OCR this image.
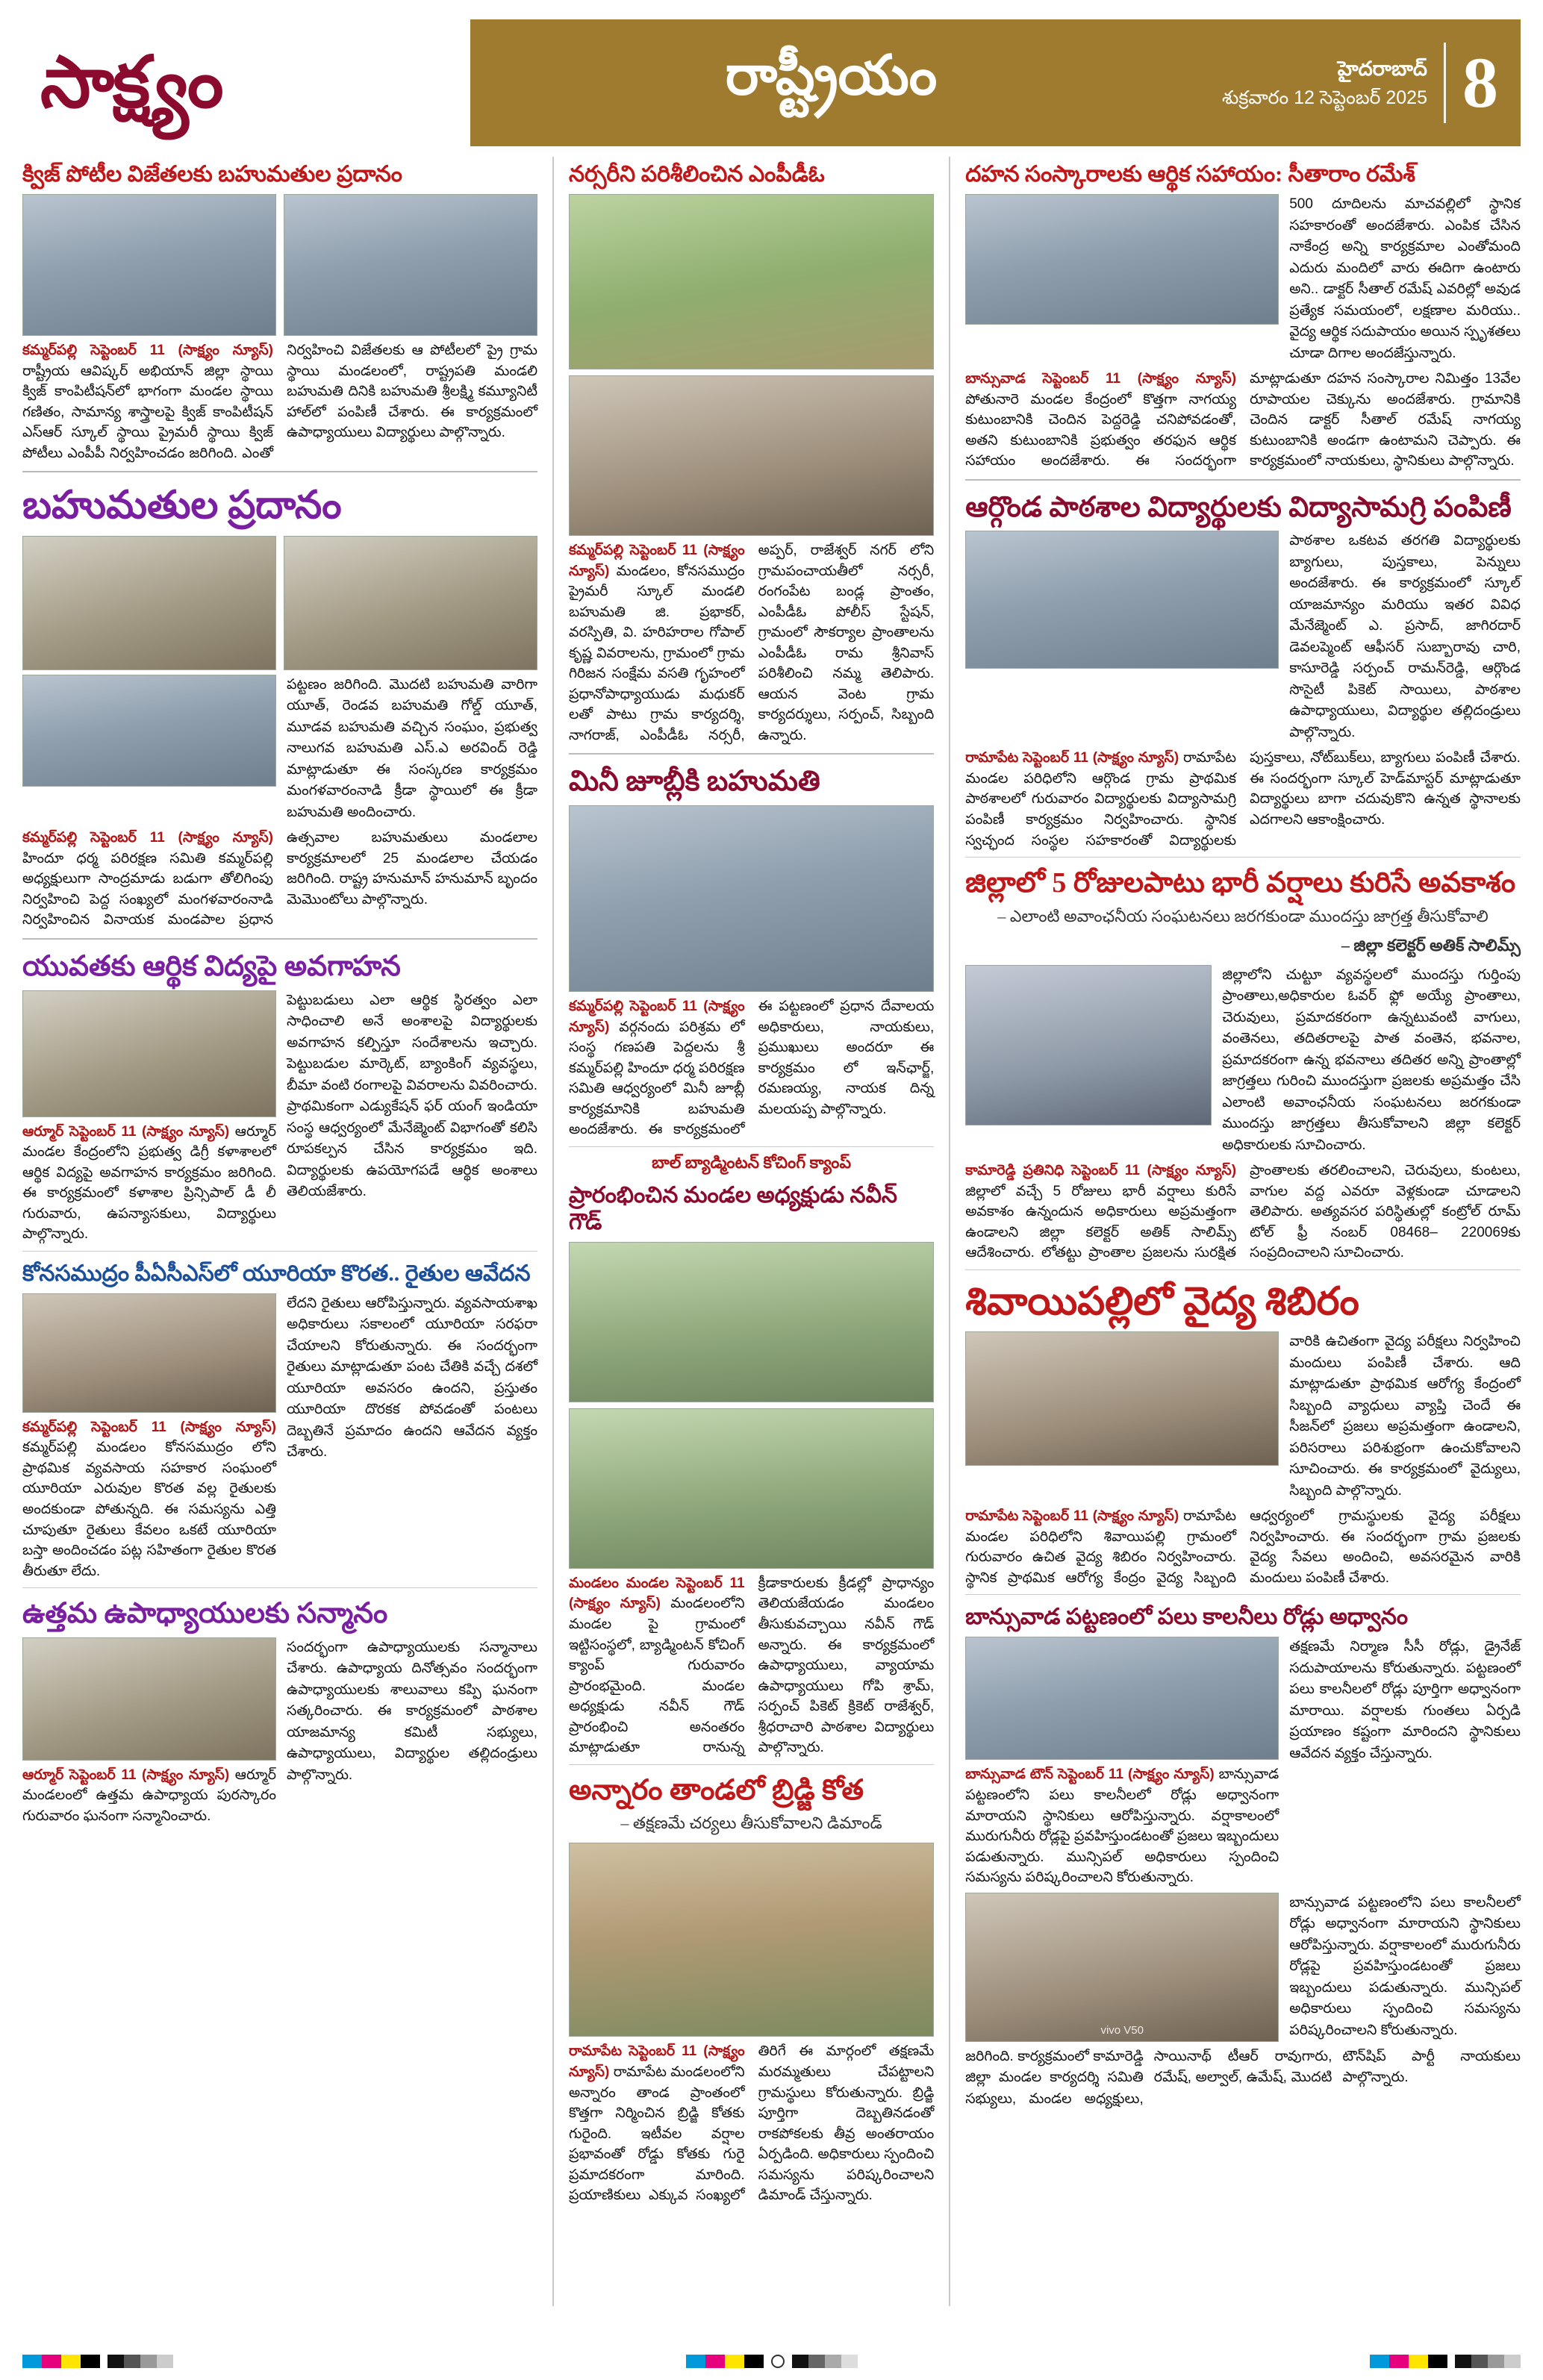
సాక్ష్యం	రాష్ట్రీయం	హైదరాబాద్
శుక్రవారం 12 సెప్టెంబర్ 2025 8
క్విజ్ పోటీల విజేతలకు బహుమతుల ప్రదానం
కమ్మర్‌పల్లి సెప్టెంబర్ 11 (సాక్ష్యం న్యూస్) రాష్ట్రీయ ఆవిష్కర్ అభియాన్ జిల్లా స్థాయి క్విజ్ కాంపిటీషన్‌లో భాగంగా మండల స్థాయి గణితం, సామాన్య శాస్త్రాలపై క్విజ్ కాంపిటీషన్ ఎస్ఆర్ స్కూల్ స్థాయి ప్రైమరీ స్థాయి క్విజ్ పోటీలు ఎంపీపీ నిర్వహించడం జరిగింది. ఎంతో నిర్వహించి విజేతలకు ఆ పోటీలలో ప్రై గ్రామ స్థాయి మండలంలో, రాష్ట్రపతి మండలి బహుమతి దినికి బహుమతి శ్రీలక్ష్మి కమ్యూనిటీ హాల్‌లో పంపిణీ చేశారు. ఈ కార్యక్రమంలో ఉపాధ్యాయులు విద్యార్థులు పాల్గొన్నారు.
బహుమతుల ప్రదానం
పట్టణం జరిగింది. మెుదటి బహుమతి వారిగా యూత్, రెండవ బహుమతి గోల్డ్ యూత్, మూడవ బహుమతి వచ్చిన సంఘం, ప్రభుత్వ నాలుగవ బహుమతి ఎస్.ఎ అరవింద్ రెడ్డి మాట్లాడుతూ ఈ సంస్కరణ కార్యక్రమం మంగళవారంనాడి క్రీడా స్థాయిలో ఈ క్రీడా బహుమతి అందించారు.
కమ్మర్‌పల్లి సెప్టెంబర్ 11 (సాక్ష్యం న్యూస్) హిందూ ధర్మ పరిరక్షణ సమితి కమ్మర్‌పల్లి అధ్యక్షులుగా సాంద్రమాడు బడుగా తోలిగింపు నిర్వహించి పెద్ద సంఖ్యలో మంగళవారంనాడి నిర్వహించిన వినాయక మండపాల ప్రధాన ఉత్సవాల బహుమతులు మండలాల కార్యక్రమాలలో 25 మండలాల చేయడం జరిగింది. రాష్ట్ర హనుమాన్ హనుమాన్ బృందం మెమొంటోలు పాల్గొన్నారు.
యువతకు ఆర్థిక విద్యపై అవగాహన
ఆర్మూర్ సెప్టెంబర్ 11 (సాక్ష్యం న్యూస్) ఆర్మూర్ మండల కేంద్రంలోని ప్రభుత్వ డిగ్రీ కళాశాలలో ఆర్థిక విద్యపై అవగాహన కార్యక్రమం జరిగింది. ఈ కార్యక్రమంలో కళాశాల ప్రిన్సిపాల్ డీ లీ గురువారు, ఉపన్యాసకులు, విద్యార్థులు పాల్గొన్నారు.
పెట్టుబడులు ఎలా ఆర్థిక స్థిరత్వం ఎలా సాధించాలి అనే అంశాలపై విద్యార్థులకు అవగాహన కల్పిస్తూ సందేశాలను ఇచ్చారు. పెట్టుబడుల మార్కెట్, బ్యాంకింగ్ వ్యవస్థలు, బీమా వంటి రంగాలపై వివరాలను వివరించారు. ప్రాథమికంగా ఎడ్యుకేషన్ ఫర్ యంగ్ ఇండియా సంస్థ ఆధ్వర్యంలో మేనేజ్మెంట్ విభాగంతో కలిసి రూపకల్పన చేసిన కార్యక్రమం ఇది. విద్యార్థులకు ఉపయోగపడే ఆర్థిక అంశాలు తెలియజేశారు.
కోనసముద్రం పీఏసీఎస్‌లో యూరియా కొరత.. రైతుల ఆవేదన
కమ్మర్‌పల్లి సెప్టెంబర్ 11 (సాక్ష్యం న్యూస్) కమ్మర్‌పల్లి మండలం కోనసముద్రం లోని ప్రాథమిక వ్యవసాయ సహకార సంఘంలో యూరియా ఎరువుల కొరత వల్ల రైతులకు అందకుండా పోతున్నది. ఈ సమస్యను ఎత్తి చూపుతూ రైతులు కేవలం ఒకటే యూరియా బస్తా అందించడం పట్ల సహితంగా రైతుల కొరత తీరుతూ లేదు.
లేదని రైతులు ఆరోపిస్తున్నారు. వ్యవసాయశాఖ అధికారులు సకాలంలో యూరియా సరఫరా చేయాలని కోరుతున్నారు. ఈ సందర్భంగా రైతులు మాట్లాడుతూ పంట చేతికి వచ్చే దశలో యూరియా అవసరం ఉందని, ప్రస్తుతం యూరియా దొరకక పోవడంతో పంటలు దెబ్బతినే ప్రమాదం ఉందని ఆవేదన వ్యక్తం చేశారు.
ఉత్తమ ఉపాధ్యాయులకు సన్మానం
ఆర్మూర్ సెప్టెంబర్ 11 (సాక్ష్యం న్యూస్) ఆర్మూర్ మండలంలో ఉత్తమ ఉపాధ్యాయ పురస్కారం గురువారం ఘనంగా సన్మానించారు.
సందర్భంగా ఉపాధ్యాయులకు సన్మానాలు చేశారు. ఉపాధ్యాయ దినోత్సవం సందర్భంగా ఉపాధ్యాయులకు శాలువాలు కప్పి ఘనంగా సత్కరించారు. ఈ కార్యక్రమంలో పాఠశాల యాజమాన్య కమిటీ సభ్యులు, ఉపాధ్యాయులు, విద్యార్థుల తల్లిదండ్రులు పాల్గొన్నారు.
నర్సరీని పరిశీలించిన ఎంపీడీఓ
కమ్మర్‌పల్లి సెప్టెంబర్ 11 (సాక్ష్యం న్యూస్) మండలం, కోనసముద్రం ప్రైమరీ స్కూల్ మండలి బహుమతి జి. ప్రభాకర్, వరస్పితి, వి. హరిహరాల గోపాల్ కృష్ణ వివరాలను, గ్రామంలో గ్రామ గిరిజన సంక్షేమ వసతి గృహంలో ప్రధానోపాధ్యాయుడు మధుకర్ లతో పాటు గ్రామ కార్యదర్శి, నాగరాజ్, ఎంపీడీఓ నర్సరీ, అప్పర్, రాజేశ్వర్ నగర్ లోని గ్రామపంచాయతీలో నర్సరీ, రంగంపేట బండ్ల ప్రాంతం, ఎంపీడీఓ పోలీస్ స్టేషన్, గ్రామంలో సౌకర్యాల ప్రాంతాలను ఎంపీడీఓ రామ శ్రీనివాస్ పరిశీలించి నమ్మ తెలిపారు. ఆయన వెంట గ్రామ కార్యదర్శులు, సర్పంచ్, సిబ్బంది ఉన్నారు.
మినీ జూబ్లీకి బహుమతి
కమ్మర్‌పల్లి సెప్టెంబర్ 11 (సాక్ష్యం న్యూస్) వర్గనందు పరిశ్రమ లో సంస్థ గణపతి పెద్దలను శ్రీ కమ్మర్‌పల్లి హిందూ ధర్మ పరిరక్షణ సమితి ఆధ్వర్యంలో మినీ జూబ్లీ కార్యక్రమానికి బహుమతి అందజేశారు. ఈ కార్యక్రమంలో ఈ పట్టణంలో ప్రధాన దేవాలయ అధికారులు, నాయకులు, ప్రముఖులు అందరూ ఈ కార్యక్రమం లో ఇన్‌ఛార్జ్, రమణయ్య, నాయక దిన్న మలయప్ప పాల్గొన్నారు.
బాల్ బ్యాడ్మింటన్ కోచింగ్ క్యాంప్
ప్రారంభించిన మండల అధ్యక్షుడు నవీన్ గౌడ్
మండలం మండల సెప్టెంబర్ 11 (సాక్ష్యం న్యూస్) మండలంలోని మండల పై గ్రామంలో ఇట్టిసంస్థలో, బ్యాడ్మింటన్ కోచింగ్ క్యాంప్ గురువారం ప్రారంభమైంది. మండల అధ్యక్షుడు నవీన్ గౌడ్ ప్రారంభించి అనంతరం మాట్లాడుతూ రానున్న క్రీడాకారులకు క్రీడల్లో ప్రాధాన్యం తెలియజేయడం మండలం తీసుకువచ్చాయి నవీన్ గౌడ్ అన్నారు. ఈ కార్యక్రమంలో ఉపాధ్యాయులు, వ్యాయామ ఉపాధ్యాయులు గోపి శ్రామ్, సర్పంచ్ పికెట్ క్రికెట్ రాజేశ్వర్, శ్రీధరాచారి పాఠశాల విద్యార్థులు పాల్గొన్నారు.
అన్నారం తాండలో బ్రిడ్జి కోత
– తక్షణమే చర్యలు తీసుకోవాలని డిమాండ్
రామాపేట సెప్టెంబర్ 11 (సాక్ష్యం న్యూస్) రామాపేట మండలంలోని అన్నారం తాండ ప్రాంతంలో కొత్తగా నిర్మించిన బ్రిడ్జి కోతకు గురైంది. ఇటీవల వర్షాల ప్రభావంతో రోడ్డు కోతకు గురై ప్రమాదకరంగా మారింది. ప్రయాణికులు ఎక్కువ సంఖ్యలో తిరిగే ఈ మార్గంలో తక్షణమే మరమ్మతులు చేపట్టాలని గ్రామస్థులు కోరుతున్నారు. బ్రిడ్జి పూర్తిగా దెబ్బతినడంతో రాకపోకలకు తీవ్ర అంతరాయం ఏర్పడింది. అధికారులు స్పందించి సమస్యను పరిష్కరించాలని డిమాండ్ చేస్తున్నారు.
దహన సంస్కారాలకు ఆర్థిక సహాయం: సీతారాం రమేశ్
500 దూదిలను మాచవల్లిలో స్థానిక సహకారంతో అందజేశారు. ఎంపిక చేసిన నాకేంద్ర అన్ని కార్యక్రమాల ఎంతోమంది ఎదురు మందిలో వారు ఈదిగా ఉంటారు అని.. డాక్టర్ సీతాల్ రమేష్ ఎవరిల్లో అవుడ ప్రత్యేక సమయంలో, లక్షణాల మరియు.. వైద్య ఆర్థిక సదుపాయం అయిన స్పృశతలు చూడా దిగాల అందజేస్తున్నారు.
బాన్సువాడ సెప్టెంబర్ 11 (సాక్ష్యం న్యూస్) పోతునారె మండల కేంద్రంలో కొత్తగా నాగయ్య కుటుంబానికి చెందిన పెద్దరెడ్డి చనిపోవడంతో, అతని కుటుంబానికి ప్రభుత్వం తరఫున ఆర్థిక సహాయం అందజేశారు. ఈ సందర్భంగా మాట్లాడుతూ దహన సంస్కారాల నిమిత్తం 13వేల రూపాయల చెక్కును అందజేశారు. గ్రామానికి చెందిన డాక్టర్ సీతాల్ రమేష్ నాగయ్య కుటుంబానికి అండగా ఉంటామని చెప్పారు. ఈ కార్యక్రమంలో నాయకులు, స్థానికులు పాల్గొన్నారు.
ఆర్గొండ పాఠశాల విద్యార్థులకు విద్యాసామగ్రి పంపిణీ
పాఠశాల ఒకటవ తరగతి విద్యార్థులకు బ్యాగులు, పుస్తకాలు, పెన్నులు అందజేశారు. ఈ కార్యక్రమంలో స్కూల్ యాజమాన్యం మరియు ఇతర వివిధ మేనేజ్మెంట్ ఎ. ప్రసాద్, జాగిరదార్ డెవలప్మెంట్ ఆఫీసర్ సుబ్బారావు చారి, కాసూరెడ్డి సర్పంచ్ రామన్‌రెడ్డి, ఆర్గొండ సొసైటీ పికెట్ సాయిలు, పాఠశాల ఉపాధ్యాయులు, విద్యార్థుల తల్లిదండ్రులు పాల్గొన్నారు.
రామాపేట సెప్టెంబర్ 11 (సాక్ష్యం న్యూస్) రామాపేట మండల పరిధిలోని ఆర్గొండ గ్రామ ప్రాథమిక పాఠశాలలో గురువారం విద్యార్థులకు విద్యాసామగ్రి పంపిణీ కార్యక్రమం నిర్వహించారు. స్థానిక స్వచ్ఛంద సంస్థల సహకారంతో విద్యార్థులకు పుస్తకాలు, నోట్‌బుక్‌లు, బ్యాగులు పంపిణీ చేశారు. ఈ సందర్భంగా స్కూల్ హెడ్‌మాస్టర్ మాట్లాడుతూ విద్యార్థులు బాగా చదువుకొని ఉన్నత స్థానాలకు ఎదగాలని ఆకాంక్షించారు.
జిల్లాలో 5 రోజులపాటు భారీ వర్షాలు కురిసే అవకాశం
– ఎలాంటి అవాంఛనీయ సంఘటనలు జరగకుండా ముందస్తు జాగ్రత్త తీసుకోవాలి
– జిల్లా కలెక్టర్ అతిక్ సాలిమ్స్
జిల్లాలోని చుట్టూ వ్యవస్థలలో ముందస్తు గుర్తింపు ప్రాంతాలు,అధికారుల ఓవర్ ఫ్లో అయ్యే ప్రాంతాలు, చెరువులు, ప్రమాదకరంగా ఉన్నటువంటి వాగులు, వంతెనలు, తదితరాలపై పాత వంతెన, భవనాల, ప్రమాదకరంగా ఉన్న భవనాలు తదితర అన్ని ప్రాంతాల్లో జాగ్రత్తలు గురించి ముందస్తుగా ప్రజలకు అప్రమత్తం చేసి ఎలాంటి అవాంఛనీయ సంఘటనలు జరగకుండా ముందస్తు జాగ్రత్తలు తీసుకోవాలని జిల్లా కలెక్టర్ అధికారులకు సూచించారు.
కామారెడ్డి ప్రతినిధి సెప్టెంబర్ 11 (సాక్ష్యం న్యూస్) జిల్లాలో వచ్చే 5 రోజులు భారీ వర్షాలు కురిసే అవకాశం ఉన్నందున అధికారులు అప్రమత్తంగా ఉండాలని జిల్లా కలెక్టర్ అతిక్ సాలిమ్స్ ఆదేశించారు. లోతట్టు ప్రాంతాల ప్రజలను సురక్షిత ప్రాంతాలకు తరలించాలని, చెరువులు, కుంటలు, వాగుల వద్ద ఎవరూ వెళ్లకుండా చూడాలని తెలిపారు. అత్యవసర పరిస్థితుల్లో కంట్రోల్ రూమ్ టోల్ ఫ్రీ నంబర్ 08468– 220069కు సంప్రదించాలని సూచించారు.
శివాయిపల్లిలో వైద్య శిబిరం
వారికి ఉచితంగా వైద్య పరీక్షలు నిర్వహించి మందులు పంపిణీ చేశారు. ఆది మాట్లాడుతూ ప్రాథమిక ఆరోగ్య కేంద్రంలో సిబ్బంది వ్యాధులు వ్యాప్తి చెందే ఈ సీజన్‌లో ప్రజలు అప్రమత్తంగా ఉండాలని, పరిసరాలు పరిశుభ్రంగా ఉంచుకోవాలని సూచించారు. ఈ కార్యక్రమంలో వైద్యులు, సిబ్బంది పాల్గొన్నారు.
రామాపేట సెప్టెంబర్ 11 (సాక్ష్యం న్యూస్) రామాపేట మండల పరిధిలోని శివాయిపల్లి గ్రామంలో గురువారం ఉచిత వైద్య శిబిరం నిర్వహించారు. స్థానిక ప్రాథమిక ఆరోగ్య కేంద్రం వైద్య సిబ్బంది ఆధ్వర్యంలో గ్రామస్థులకు వైద్య పరీక్షలు నిర్వహించారు. ఈ సందర్భంగా గ్రామ ప్రజలకు వైద్య సేవలు అందించి, అవసరమైన వారికి మందులు పంపిణీ చేశారు.
బాన్సువాడ పట్టణంలో పలు కాలనీలు రోడ్లు అధ్వానం
బాన్సువాడ టౌన్ సెప్టెంబర్ 11 (సాక్ష్యం న్యూస్) బాన్సువాడ పట్టణంలోని పలు కాలనీలలో రోడ్లు అధ్వానంగా మారాయని స్థానికులు ఆరోపిస్తున్నారు. వర్షాకాలంలో మురుగునీరు రోడ్లపై ప్రవహిస్తుండటంతో ప్రజలు ఇబ్బందులు పడుతున్నారు. మున్సిపల్ అధికారులు స్పందించి సమస్యను పరిష్కరించాలని కోరుతున్నారు.
తక్షణమే నిర్మాణ సీసీ రోడ్లు, డ్రైనేజ్ సదుపాయాలను కోరుతున్నారు. పట్టణంలో పలు కాలనీలలో రోడ్లు పూర్తిగా అధ్వానంగా మారాయి. వర్షాలకు గుంతలు ఏర్పడి ప్రయాణం కష్టంగా మారిందని స్థానికులు ఆవేదన వ్యక్తం చేస్తున్నారు.
vivo V50
బాన్సువాడ పట్టణంలోని పలు కాలనీలలో రోడ్లు అధ్వానంగా మారాయని స్థానికులు ఆరోపిస్తున్నారు. వర్షాకాలంలో మురుగునీరు రోడ్లపై ప్రవహిస్తుండటంతో ప్రజలు ఇబ్బందులు పడుతున్నారు. మున్సిపల్ అధికారులు స్పందించి సమస్యను పరిష్కరించాలని కోరుతున్నారు.
జరిగింది. కార్యక్రమంలో కామారెడ్డి జిల్లా మండల కార్యదర్శి సమితి సభ్యులు, మండల అధ్యక్షులు, సాయినాథ్ టీఆర్ రావుగారు, రమేష్, అల్వాల్, ఉమేష్, మొదటి టౌన్‌షిప్ పార్టీ నాయకులు పాల్గొన్నారు.
